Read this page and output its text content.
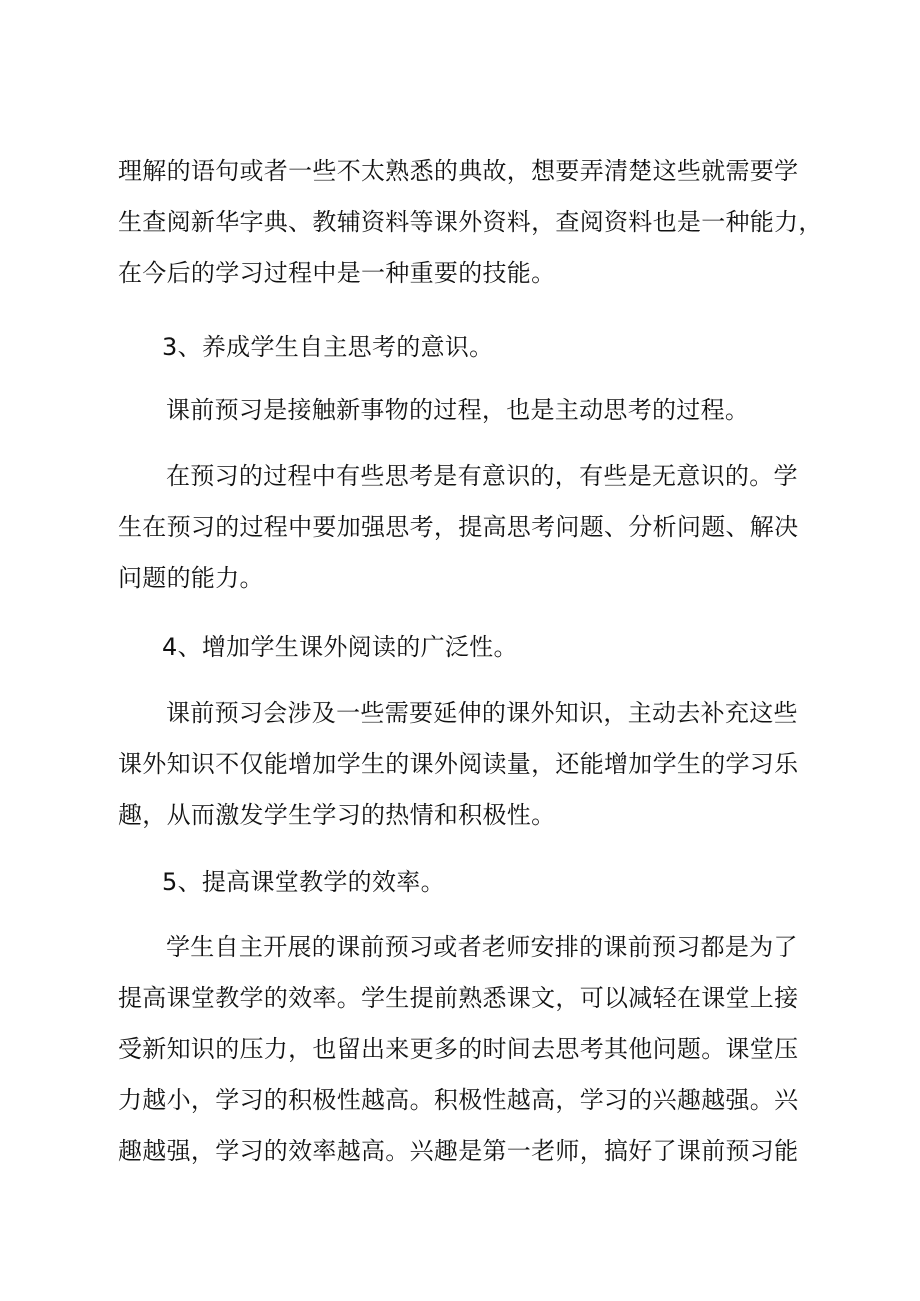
理解的语句或者一些不太熟悉的典故，想要弄清楚这些就需要学
生查阅新华字典、教辅资料等课外资料，查阅资料也是一种能力，
在今后的学习过程中是一种重要的技能。
3、养成学生自主思考的意识。
课前预习是接触新事物的过程，也是主动思考的过程。
在预习的过程中有些思考是有意识的，有些是无意识的。学
生在预习的过程中要加强思考，提高思考问题、分析问题、解决
问题的能力。
4、增加学生课外阅读的广泛性。
课前预习会涉及一些需要延伸的课外知识，主动去补充这些
课外知识不仅能增加学生的课外阅读量，还能增加学生的学习乐
趣，从而激发学生学习的热情和积极性。
5、提高课堂教学的效率。
学生自主开展的课前预习或者老师安排的课前预习都是为了
提高课堂教学的效率。学生提前熟悉课文，可以减轻在课堂上接
受新知识的压力，也留出来更多的时间去思考其他问题。课堂压
力越小，学习的积极性越高。积极性越高，学习的兴趣越强。兴
趣越强，学习的效率越高。兴趣是第一老师，搞好了课前预习能
